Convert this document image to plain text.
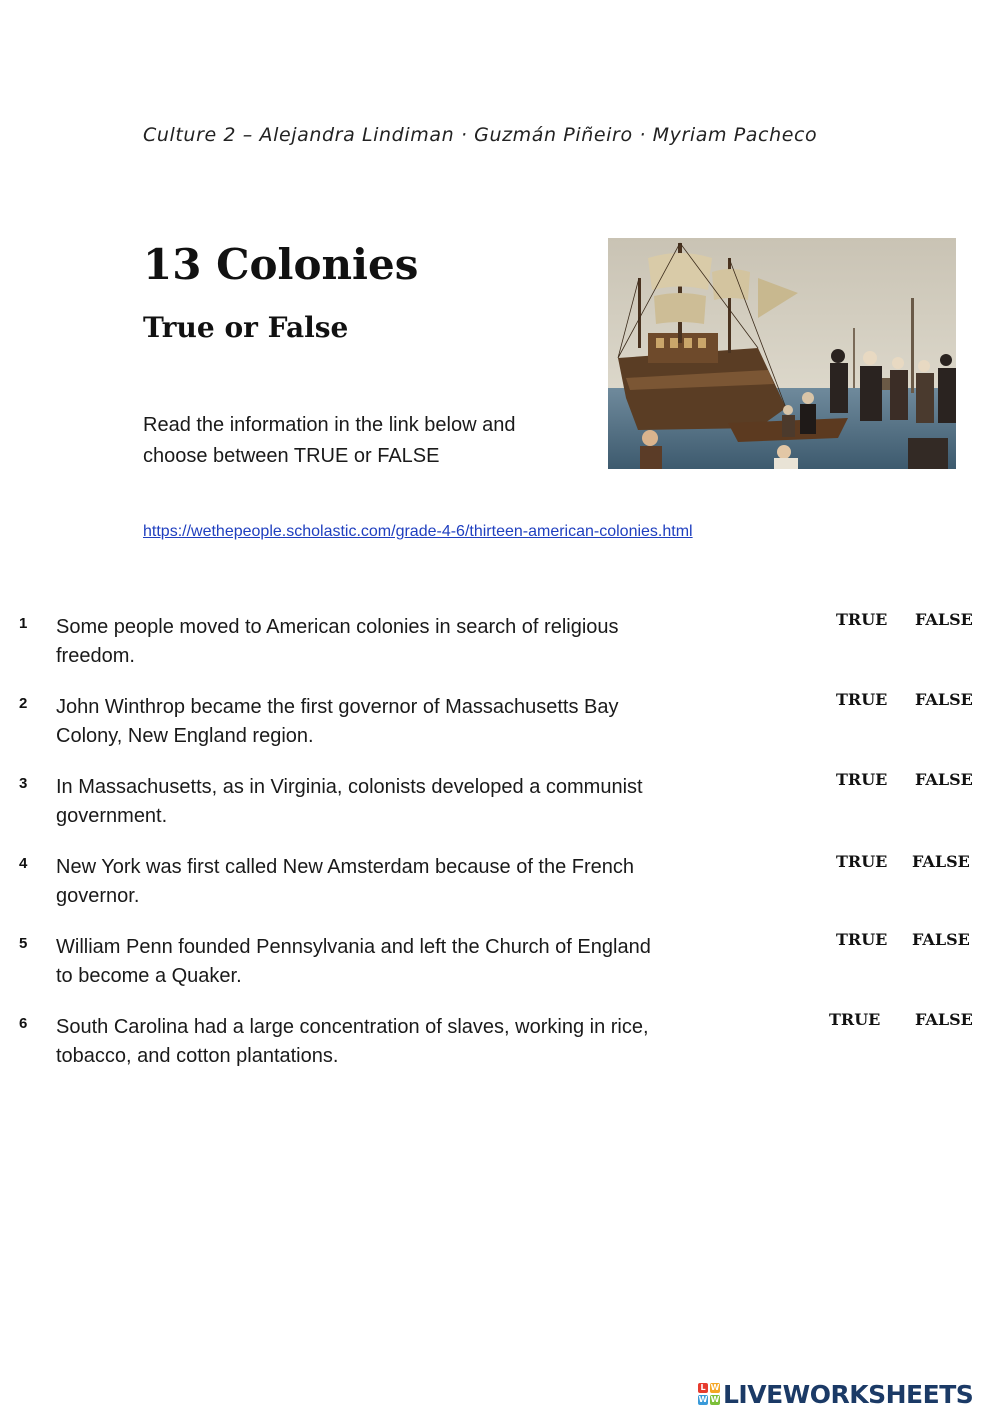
Culture 2 – Alejandra Lindiman · Guzmán Piñeiro · Myriam Pacheco
13 Colonies
True or False

Read the information in the link below and choose between TRUE or FALSE

https://wethepeople.scholastic.com/grade-4-6/thirteen-american-colonies.html
1 Some people moved to American colonies in search of religious freedom.

TRUE FALSE
2 John Winthrop became the first governor of Massachusetts Bay Colony, New England region.

TRUE FALSE
3 In Massachusetts, as in Virginia, colonists developed a communist government.

TRUE FALSE
4 New York was first called New Amsterdam because of the French governor.

TRUE FALSE
5 William Penn founded Pennsylvania and left the Church of England to become a Quaker.

TRUE FALSE
6 South Carolina had a large concentration of slaves, working in rice, tobacco, and cotton plantations.

TRUE FALSE
L W
W W LIVEWORKSHEETS
